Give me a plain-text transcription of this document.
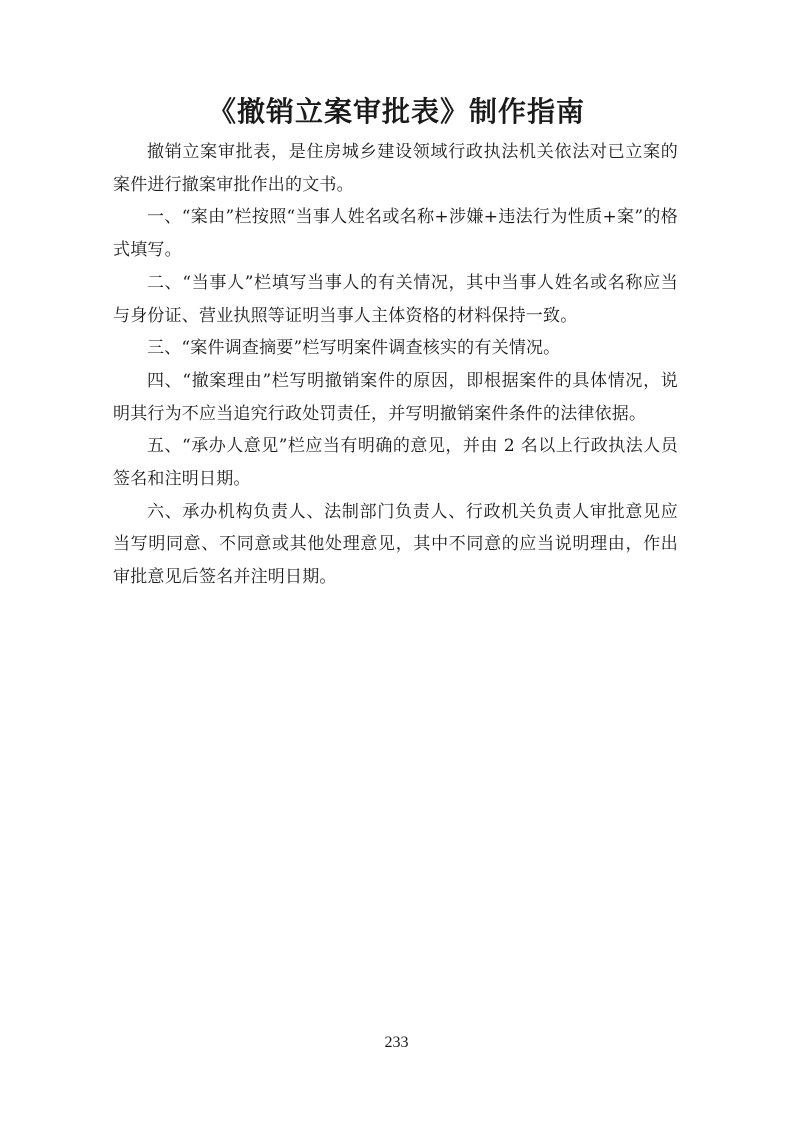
《撤销立案审批表》制作指南

撤销立案审批表，是住房城乡建设领域行政执法机关依法对已立案的案件进行撤案审批作出的文书。

一、“案由”栏按照“当事人姓名或名称+涉嫌+违法行为性质+案”的格式填写。

二、“当事人”栏填写当事人的有关情况，其中当事人姓名或名称应当与身份证、营业执照等证明当事人主体资格的材料保持一致。

三、“案件调查摘要”栏写明案件调查核实的有关情况。

四、“撤案理由”栏写明撤销案件的原因，即根据案件的具体情况，说明其行为不应当追究行政处罚责任，并写明撤销案件条件的法律依据。

五、“承办人意见”栏应当有明确的意见，并由 2 名以上行政执法人员签名和注明日期。

六、承办机构负责人、法制部门负责人、行政机关负责人审批意见应当写明同意、不同意或其他处理意见，其中不同意的应当说明理由，作出审批意见后签名并注明日期。

233
